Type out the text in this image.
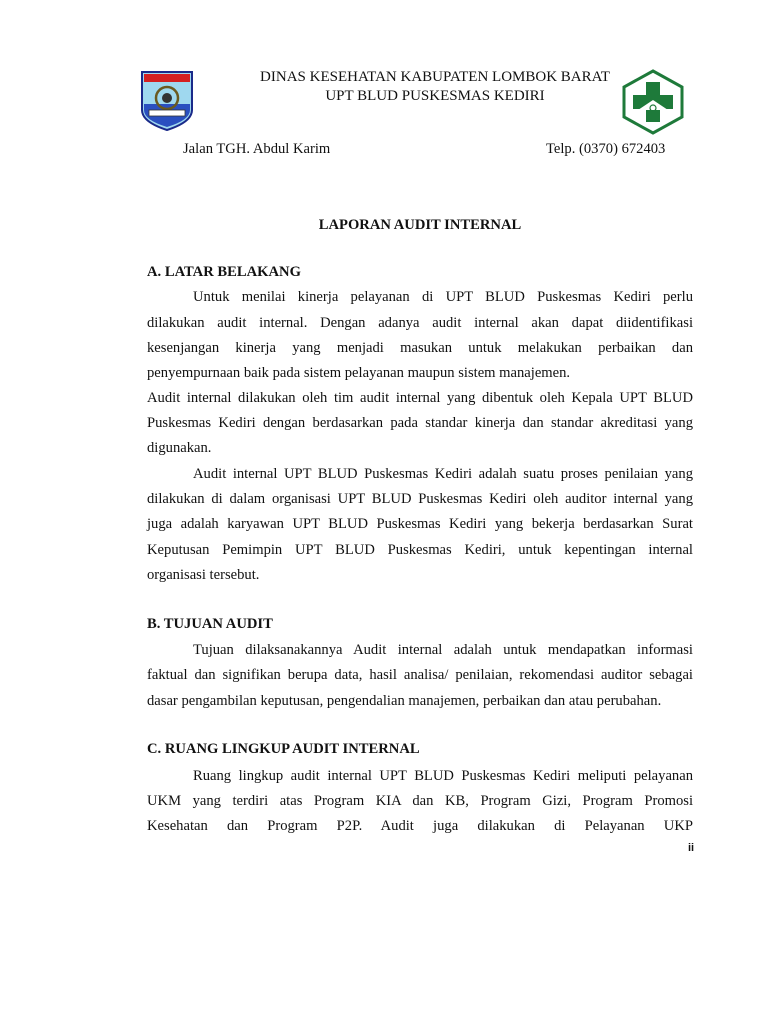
DINAS KESEHATAN KABUPATEN LOMBOK BARAT
UPT BLUD PUSKESMAS KEDIRI
Jalan TGH. Abdul Karim	Telp. (0370) 672403
LAPORAN AUDIT INTERNAL
A. LATAR BELAKANG
Untuk menilai kinerja pelayanan di UPT BLUD Puskesmas Kediri perlu
dilakukan audit internal. Dengan adanya audit internal akan dapat diidentifikasi
kesenjangan kinerja yang menjadi masukan untuk melakukan perbaikan dan
penyempurnaan baik pada sistem pelayanan maupun sistem manajemen.
Audit internal dilakukan oleh tim audit internal yang dibentuk oleh Kepala UPT BLUD
Puskesmas Kediri dengan berdasarkan pada standar kinerja dan standar akreditasi yang
digunakan.
Audit internal UPT BLUD Puskesmas Kediri adalah suatu proses penilaian yang
dilakukan di dalam organisasi UPT BLUD Puskesmas Kediri oleh auditor internal yang
juga adalah karyawan UPT BLUD Puskesmas Kediri yang bekerja berdasarkan Surat
Keputusan Pemimpin UPT BLUD Puskesmas Kediri, untuk kepentingan internal
organisasi tersebut.
B. TUJUAN AUDIT
Tujuan dilaksanakannya Audit internal adalah untuk mendapatkan informasi
faktual dan signifikan berupa data, hasil analisa/ penilaian, rekomendasi auditor sebagai
dasar pengambilan keputusan, pengendalian manajemen, perbaikan dan atau perubahan.
C. RUANG LINGKUP AUDIT INTERNAL
Ruang lingkup audit internal UPT BLUD Puskesmas Kediri meliputi pelayanan
UKM yang terdiri atas Program KIA dan KB, Program Gizi, Program Promosi
Kesehatan dan Program P2P. Audit juga dilakukan di Pelayanan UKP
ii
